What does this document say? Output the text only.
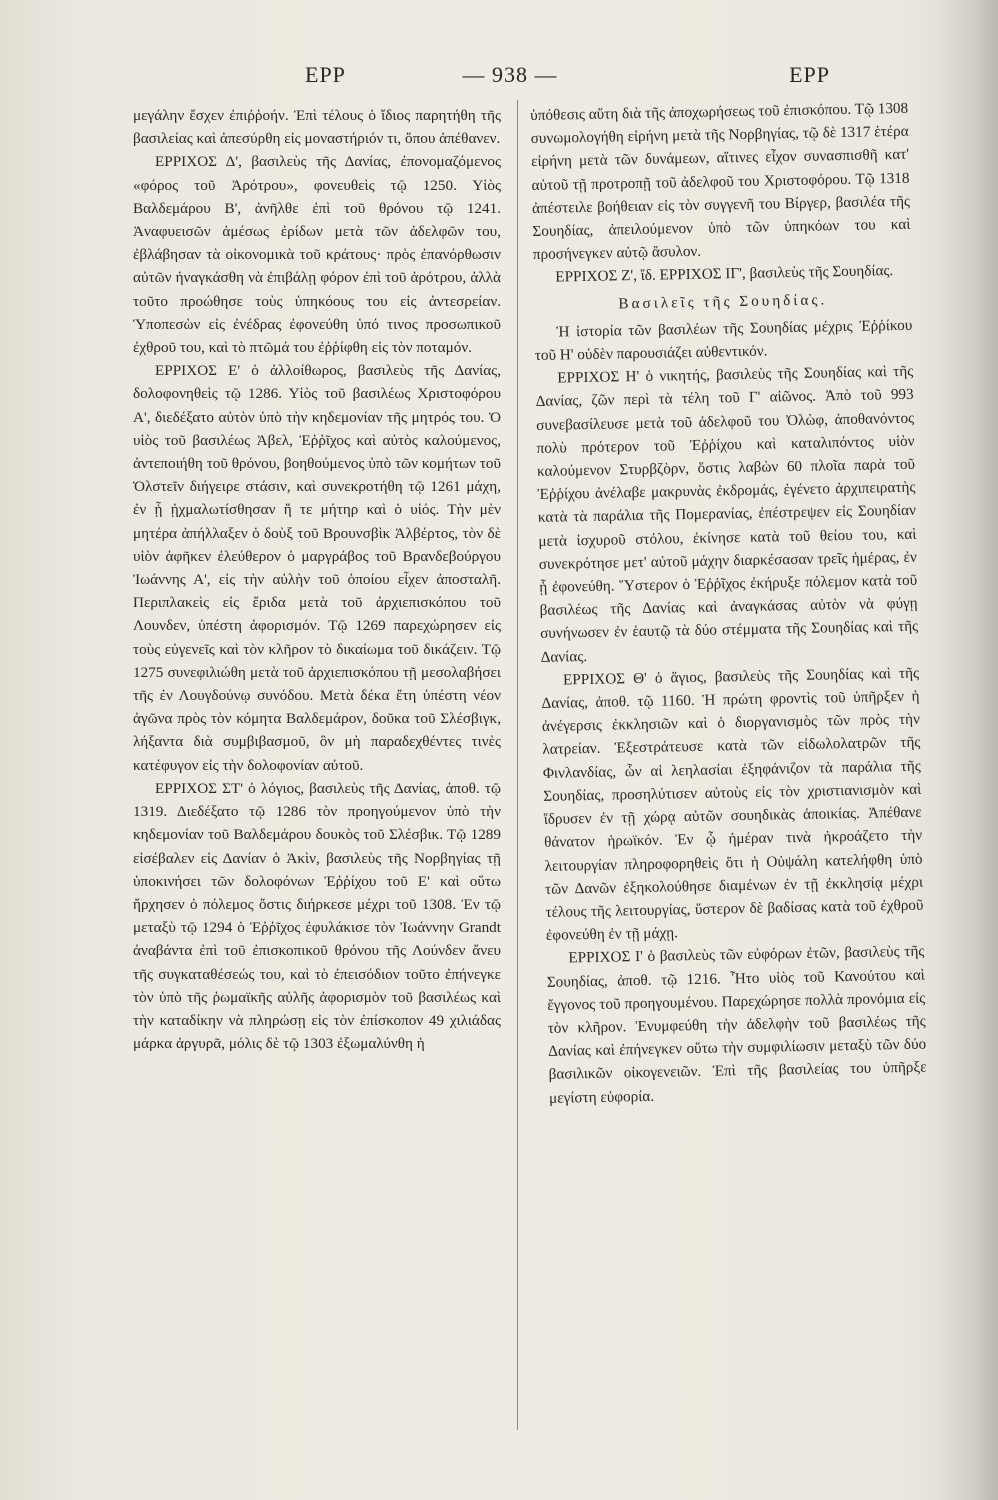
ΕΡΡ	— 938 —	ΕΡΡ

μεγάλην ἔσχεν ἐπιῤῥοήν. Ἐπὶ τέλους ὁ ἴδιος παρητήθη τῆς βασιλείας καὶ ἀπεσύρθη εἰς μοναστήριόν τι, ὅπου ἀπέθανεν.

ΕΡΡΙΧΟΣ Δ', βασιλεὺς τῆς Δανίας, ἐπονομαζόμενος «φόρος τοῦ Ἀρότρου», φονευθεὶς τῷ 1250. Υἱὸς Βαλδεμάρου Β', ἀνῆλθε ἐπὶ τοῦ θρόνου τῷ 1241. Ἀναφυεισῶν ἀμέσως ἐρίδων μετὰ τῶν ἀδελφῶν του, ἐβλάβησαν τὰ οἰκονομικὰ τοῦ κράτους· πρὸς ἐπανόρθωσιν αὐτῶν ἠναγκάσθη νὰ ἐπιβάλῃ φόρον ἐπὶ τοῦ ἀρότρου, ἀλλὰ τοῦτο προώθησε τοὺς ὑπηκόους του εἰς ἀντεσρείαν. Ὑποπεσὼν εἰς ἐνέδρας ἐφονεύθη ὑπό τινος προσωπικοῦ ἐχθροῦ του, καὶ τὸ πτῶμά του ἐῤῥίφθη εἰς τὸν ποταμόν.

ΕΡΡΙΧΟΣ Ε' ὁ ἀλλοίθωρος, βασιλεὺς τῆς Δανίας, δολοφονηθεὶς τῷ 1286. Υἱὸς τοῦ βασιλέως Χριστοφόρου Α', διεδέξατο αὐτὸν ὑπὸ τὴν κηδεμονίαν τῆς μητρός του. Ὁ υἱὸς τοῦ βασιλέως Ἀβελ, Ἐῤῥῖχος καὶ αὐτὸς καλούμενος, ἀντεποιήθη τοῦ θρόνου, βοηθούμενος ὑπὸ τῶν κομήτων τοῦ Ὁλστεῖν διήγειρε στάσιν, καὶ συνεκροτήθη τῷ 1261 μάχη, ἐν ᾗ ᾐχμαλωτίσθησαν ἥ τε μήτηρ καὶ ὁ υἱός. Τὴν μὲν μητέρα ἀπήλλαξεν ὁ δοὺξ τοῦ Βρουνσβὶκ Ἀλβέρτος, τὸν δὲ υἱὸν ἀφῆκεν ἐλεύθερον ὁ μαργράβος τοῦ Βρανδεβούργου Ἰωάννης Α', εἰς τὴν αὐλὴν τοῦ ὁποίου εἶχεν ἀποσταλῆ. Περιπλακεὶς εἰς ἔριδα μετὰ τοῦ ἀρχιεπισκόπου τοῦ Λουνδεν, ὑπέστη ἀφορισμόν. Τῷ 1269 παρεχώρησεν εἰς τοὺς εὐγενεῖς καὶ τὸν κλῆρον τὸ δικαίωμα τοῦ δικάζειν. Τῷ 1275 συνεφιλιώθη μετὰ τοῦ ἀρχιεπισκόπου τῇ μεσολαβήσει τῆς ἐν Λουγδούνῳ συνόδου. Μετὰ δέκα ἔτη ὑπέστη νέον ἀγῶνα πρὸς τὸν κόμητα Βαλδεμάρον, δοῦκα τοῦ Σλέσβιγκ, λήξαντα διὰ συμβιβασμοῦ, ὃν μὴ παραδεχθέντες τινὲς κατέφυγον εἰς τὴν δολοφονίαν αὐτοῦ.

ΕΡΡΙΧΟΣ ΣΤ' ὁ λόγιος, βασιλεὺς τῆς Δανίας, ἀποθ. τῷ 1319. Διεδέξατο τῷ 1286 τὸν προηγούμενον ὑπὸ τὴν κηδεμονίαν τοῦ Βαλδεμάρου δουκὸς τοῦ Σλέσβικ. Τῷ 1289 εἰσέβαλεν εἰς Δανίαν ὁ Ἀκὶν, βασιλεὺς τῆς Νορβηγίας τῇ ὑποκινήσει τῶν δολοφόνων Ἐῤῥίχου τοῦ Ε' καὶ οὕτω ἤρχησεν ὁ πόλεμος ὅστις διήρκεσε μέχρι τοῦ 1308. Ἐν τῷ μεταξὺ τῷ 1294 ὁ Ἐῤῥῖχος ἐφυλάκισε τὸν Ἰωάννην Grandt ἀναβάντα ἐπὶ τοῦ ἐπισκοπικοῦ θρόνου τῆς Λούνδεν ἄνευ τῆς συγκαταθέσεώς του, καὶ τὸ ἐπεισόδιον τοῦτο ἐπήνεγκε τὸν ὑπὸ τῆς ῥωμαϊκῆς αὐλῆς ἀφορισμὸν τοῦ βασιλέως καὶ τὴν καταδίκην νὰ πληρώσῃ εἰς τὸν ἐπίσκοπον 49 χιλιάδας μάρκα ἀργυρᾶ, μόλις δὲ τῷ 1303 ἐξωμαλύνθη ἡ

ὑπόθεσις αὕτη διὰ τῆς ἀποχωρήσεως τοῦ ἐπισκόπου. Τῷ 1308 συνωμολογήθη εἰρήνη μετὰ τῆς Νορβηγίας, τῷ δὲ 1317 ἑτέρα εἰρήνη μετὰ τῶν δυνάμεων, αἵτινες εἶχον συνασπισθῆ κατ' αὐτοῦ τῇ προτροπῇ τοῦ ἀδελφοῦ του Χριστοφόρου. Τῷ 1318 ἀπέστειλε βοήθειαν εἰς τὸν συγγενῆ του Βίργερ, βασιλέα τῆς Σουηδίας, ἀπειλούμενον ὑπὸ τῶν ὑπηκόων του καὶ προσήνεγκεν αὐτῷ ἄσυλον.

ΕΡΡΙΧΟΣ Ζ', ἴδ. ΕΡΡΙΧΟΣ ΙΓ', βασιλεὺς τῆς Σουηδίας.

Βασιλεῖς τῆς Σουηδίας.

Ἡ ἱστορία τῶν βασιλέων τῆς Σουηδίας μέχρις Ἐῤῥίκου τοῦ Η' οὐδὲν παρουσιάζει αὐθεντικόν.

ΕΡΡΙΧΟΣ Η' ὁ νικητής, βασιλεὺς τῆς Σουηδίας καὶ τῆς Δανίας, ζῶν περὶ τὰ τέλη τοῦ Γ' αἰῶνος. Ἀπὸ τοῦ 993 συνεβασίλευσε μετὰ τοῦ ἀδελφοῦ του Ὀλὼφ, ἀποθανόντος πολὺ πρότερον τοῦ Ἐῤῥίχου καὶ καταλιπόντος υἱὸν καλούμενον Στυρβζὸρν, ὅστις λαβὼν 60 πλοῖα παρὰ τοῦ Ἐῤῥίχου ἀνέλαβε μακρυνὰς ἐκδρομάς, ἐγένετο ἀρχιπειρατὴς κατὰ τὰ παράλια τῆς Πομερανίας, ἐπέστρεψεν εἰς Σουηδίαν μετὰ ἰσχυροῦ στόλου, ἐκίνησε κατὰ τοῦ θείου του, καὶ συνεκρότησε μετ' αὐτοῦ μάχην διαρκέσασαν τρεῖς ἡμέρας, ἐν ᾗ ἐφονεύθη. Ὕστερον ὁ Ἐῤῥῖχος ἐκήρυξε πόλεμον κατὰ τοῦ βασιλέως τῆς Δανίας καὶ ἀναγκάσας αὐτὸν νὰ φύγῃ συνήνωσεν ἐν ἑαυτῷ τὰ δύο στέμματα τῆς Σουηδίας καὶ τῆς Δανίας.

ΕΡΡΙΧΟΣ Θ' ὁ ἅγιος, βασιλεὺς τῆς Σουηδίας καὶ τῆς Δανίας, ἀποθ. τῷ 1160. Ἡ πρώτη φροντὶς τοῦ ὑπῆρξεν ἡ ἀνέγερσις ἐκκλησιῶν καὶ ὁ διοργανισμὸς τῶν πρὸς τὴν λατρείαν. Ἐξεστράτευσε κατὰ τῶν εἰδωλολατρῶν τῆς Φινλανδίας, ὧν αἱ λεηλασίαι ἐξηφάνιζον τὰ παράλια τῆς Σουηδίας, προσηλύτισεν αὐτοὺς εἰς τὸν χριστιανισμὸν καὶ ἵδρυσεν ἐν τῇ χώρᾳ αὐτῶν σουηδικὰς ἀποικίας. Ἀπέθανε θάνατον ἡρωϊκόν. Ἐν ᾧ ἡμέραν τινὰ ἠκροάζετο τὴν λειτουργίαν πληροφορηθεὶς ὅτι ἡ Οὐψάλη κατελήφθη ὑπὸ τῶν Δανῶν ἐξηκολούθησε διαμένων ἐν τῇ ἐκκλησίᾳ μέχρι τέλους τῆς λειτουργίας, ὕστερον δὲ βαδίσας κατὰ τοῦ ἐχθροῦ ἐφονεύθη ἐν τῇ μάχῃ.

ΕΡΡΙΧΟΣ Ι' ὁ βασιλεὺς τῶν εὐφόρων ἐτῶν, βασιλεὺς τῆς Σουηδίας, ἀποθ. τῷ 1216. Ἦτο υἱὸς τοῦ Κανούτου καὶ ἔγγονος τοῦ προηγουμένου. Παρεχώρησε πολλὰ προνόμια εἰς τὸν κλῆρον. Ἐνυμφεύθη τὴν ἀδελφὴν τοῦ βασιλέως τῆς Δανίας καὶ ἐπήνεγκεν οὕτω τὴν συμφιλίωσιν μεταξὺ τῶν δύο βασιλικῶν οἰκογενειῶν. Ἐπὶ τῆς βασιλείας του ὑπῆρξε μεγίστη εὐφορία.
